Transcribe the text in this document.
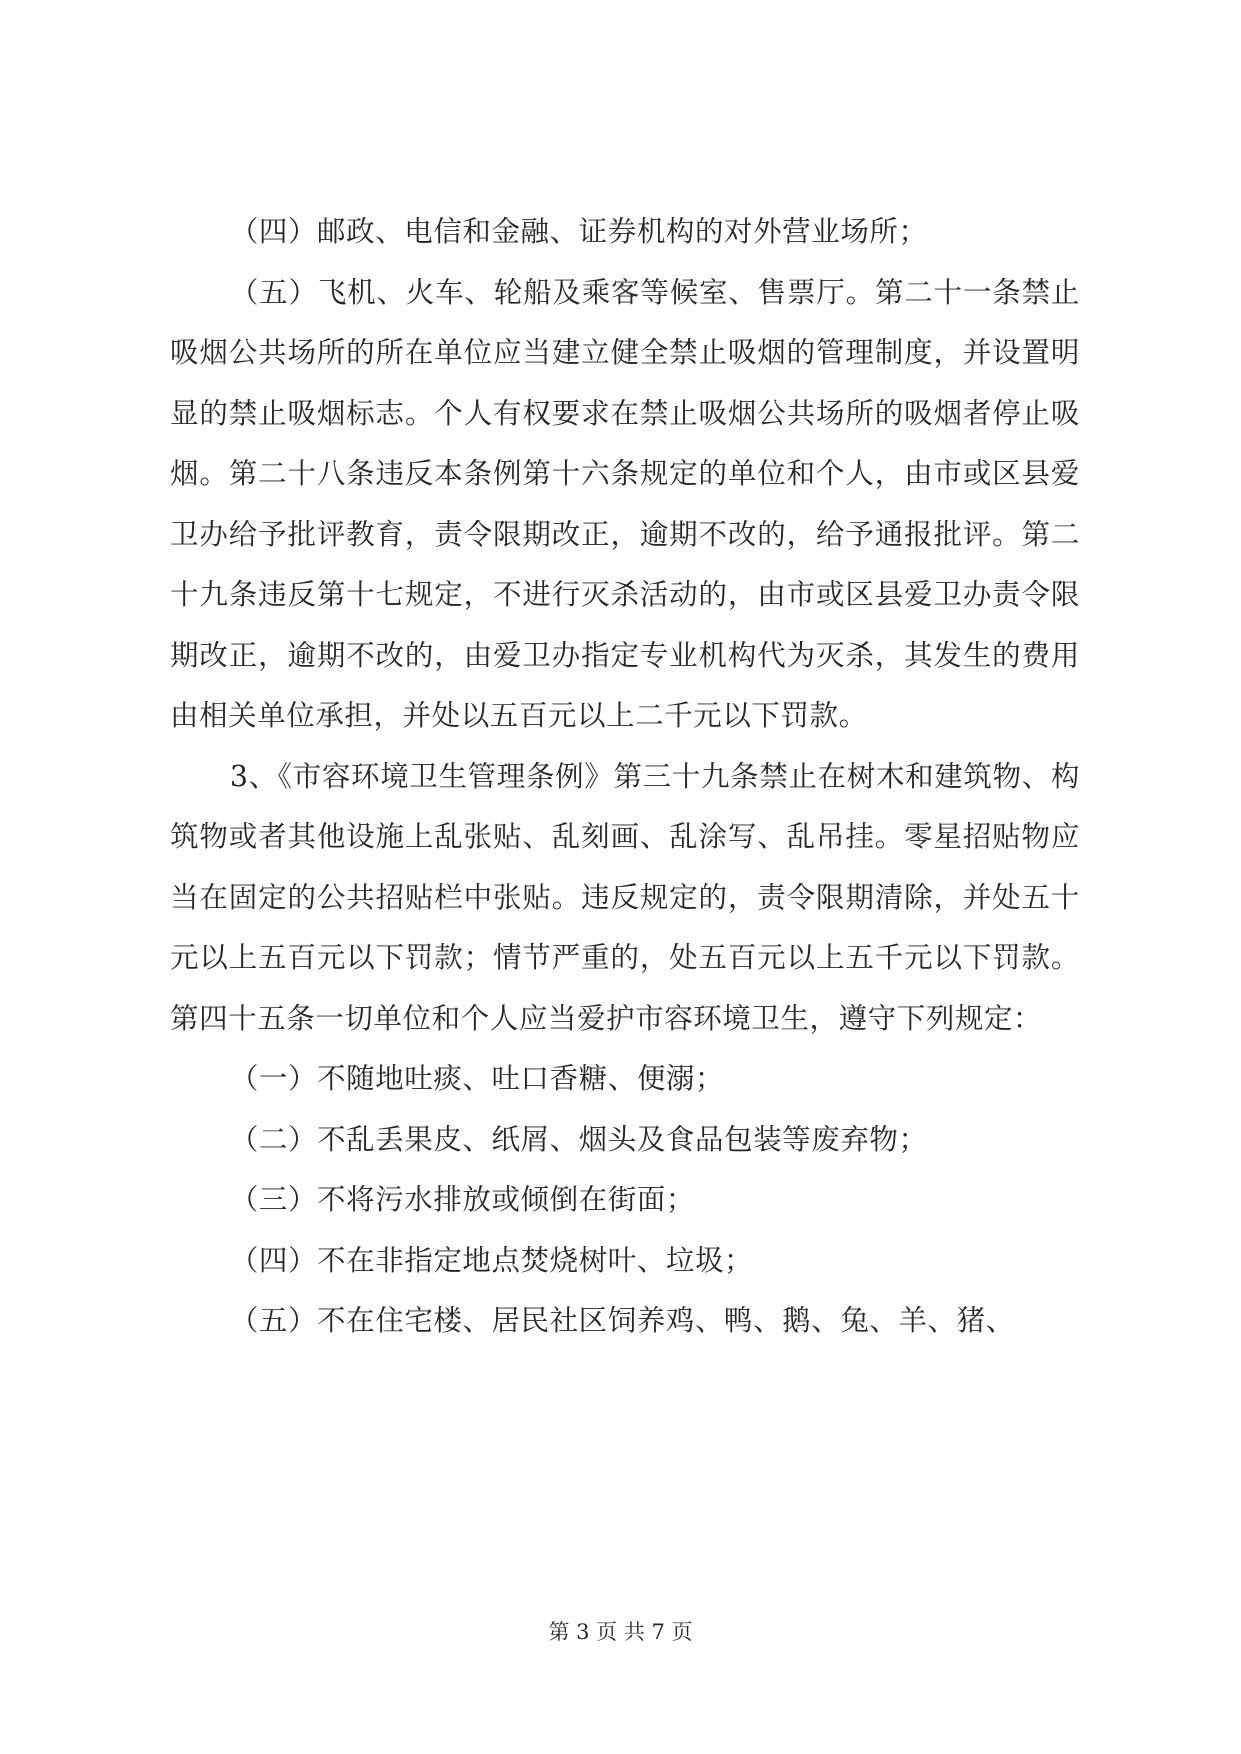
（四）邮政、电信和金融、证券机构的对外营业场所；

（五）飞机、火车、轮船及乘客等候室、售票厅。第二十一条禁止吸烟公共场所的所在单位应当建立健全禁止吸烟的管理制度，并设置明显的禁止吸烟标志。个人有权要求在禁止吸烟公共场所的吸烟者停止吸烟。第二十八条违反本条例第十六条规定的单位和个人，由市或区县爱卫办给予批评教育，责令限期改正，逾期不改的，给予通报批评。第二十九条违反第十七规定，不进行灭杀活动的，由市或区县爱卫办责令限期改正，逾期不改的，由爱卫办指定专业机构代为灭杀，其发生的费用由相关单位承担，并处以五百元以上二千元以下罚款。

3、《市容环境卫生管理条例》第三十九条禁止在树木和建筑物、构筑物或者其他设施上乱张贴、乱刻画、乱涂写、乱吊挂。零星招贴物应当在固定的公共招贴栏中张贴。违反规定的，责令限期清除，并处五十元以上五百元以下罚款；情节严重的，处五百元以上五千元以下罚款。第四十五条一切单位和个人应当爱护市容环境卫生，遵守下列规定：

（一）不随地吐痰、吐口香糖、便溺；

（二）不乱丢果皮、纸屑、烟头及食品包装等废弃物；

（三）不将污水排放或倾倒在街面；

（四）不在非指定地点焚烧树叶、垃圾；

（五）不在住宅楼、居民社区饲养鸡、鸭、鹅、兔、羊、猪、

第 3 页 共 7 页
